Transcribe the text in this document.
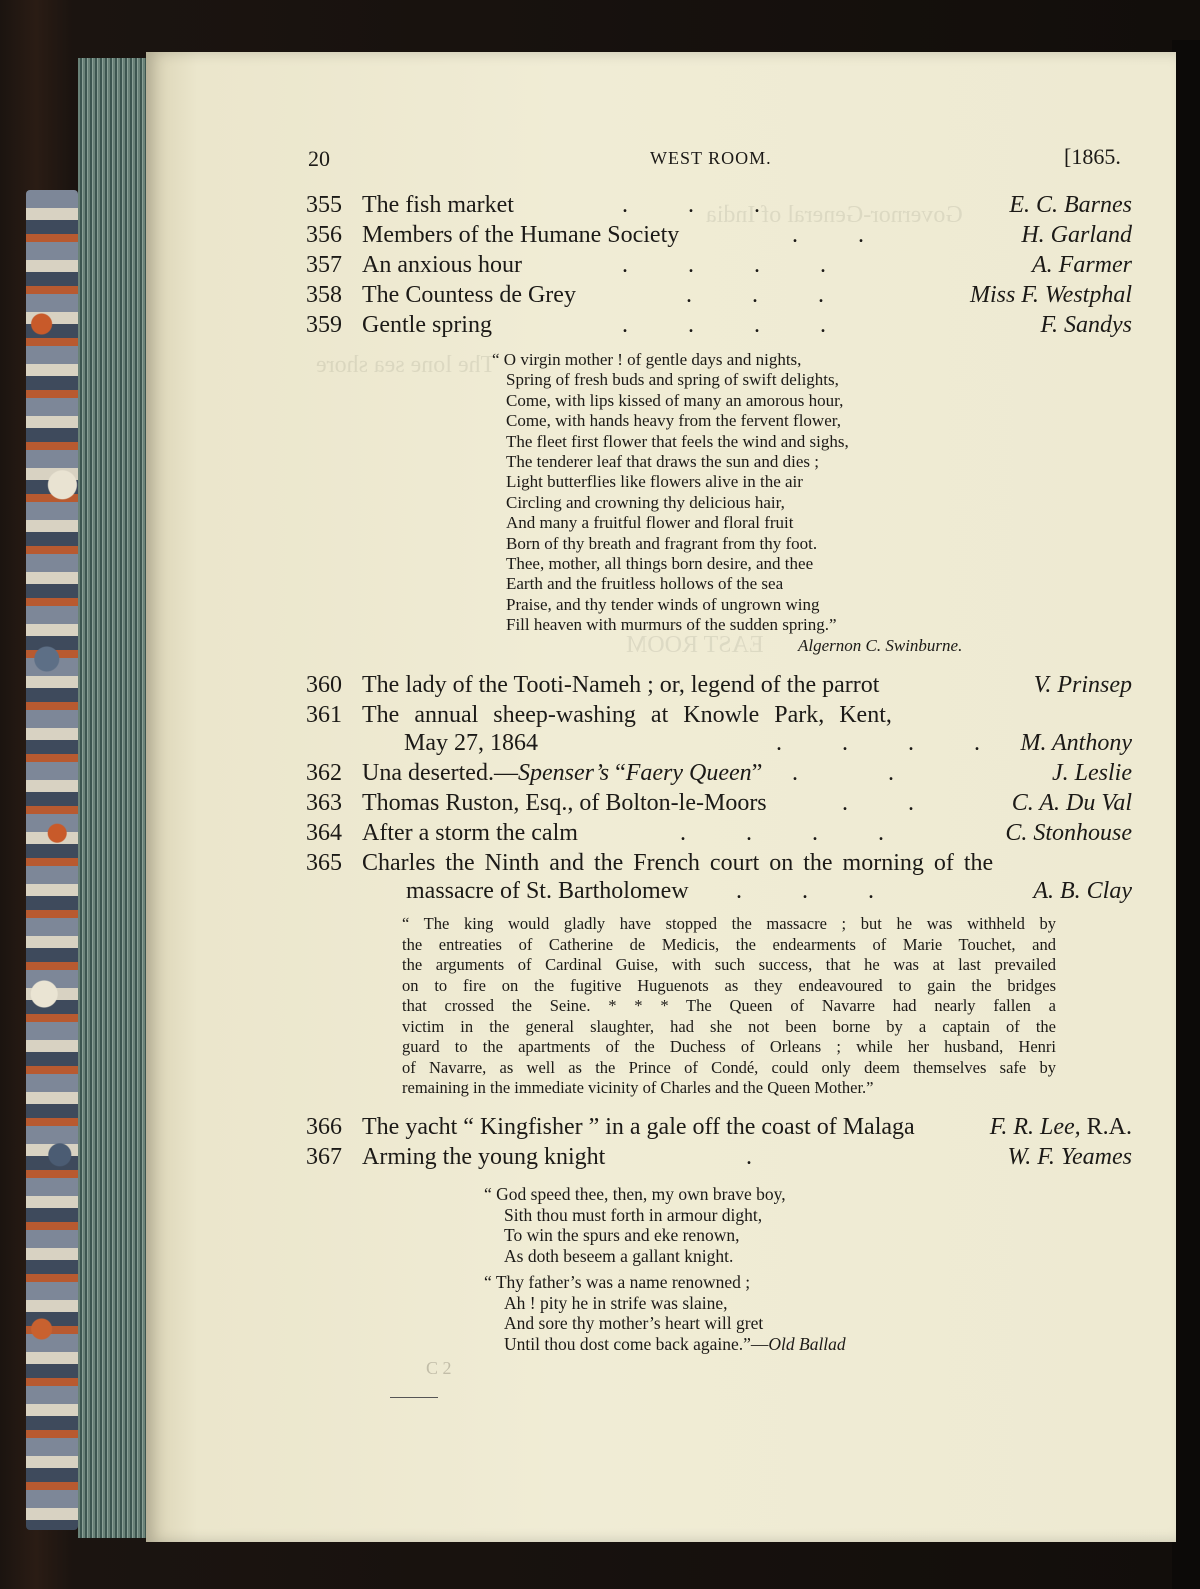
Governor-General of India
The lone sea shore
EAST ROOM
20	WEST ROOM.	[1865.
355 The fish market	.          .          .	E. C. Barnes
356 Members of the Humane Society	.          .	H. Garland
357 An anxious hour	.          .          .          .	A. Farmer
358 The Countess de Grey	.          .          .	Miss F. Westphal
359 Gentle spring	.          .          .          .	F. Sandys
“ O virgin mother ! of gentle days and nights,
Spring of fresh buds and spring of swift delights,
Come, with lips kissed of many an amorous hour,
Come, with hands heavy from the fervent flower,
The fleet first flower that feels the wind and sighs,
The tenderer leaf that draws the sun and dies ;
Light butterflies like flowers alive in the air
Circling and crowning thy delicious hair,
And many a fruitful flower and floral fruit
Born of thy breath and fragrant from thy foot.
Thee, mother, all things born desire, and thee
Earth and the fruitless hollows of the sea
Praise, and thy tender winds of ungrown wing
Fill heaven with murmurs of the sudden spring.”
Algernon C. Swinburne.
360 The lady of the Tooti-Nameh ; or, legend of the parrot	V. Prinsep
361 The annual sheep-washing at Knowle Park, Kent,
May 27, 1864	.          .          .          . M. Anthony
362 Una deserted.—Spenser’s “Faery Queen” .               .	J. Leslie
363 Thomas Ruston, Esq., of Bolton-le-Moors	.          .	C. A. Du Val
364 After a storm the calm	.          .          .          .	C. Stonhouse
365 Charles the Ninth and the French court on the morning of the
massacre of St. Bartholomew .          .          .	A. B. Clay
“ The king would gladly have stopped the massacre ; but he was withheld by
the entreaties of Catherine de Medicis, the endearments of Marie Touchet, and
the arguments of Cardinal Guise, with such success, that he was at last prevailed
on to fire on the fugitive Huguenots as they endeavoured to gain the bridges
that crossed the Seine. * * * The Queen of Navarre had nearly fallen a
victim in the general slaughter, had she not been borne by a captain of the
guard to the apartments of the Duchess of Orleans ; while her husband, Henri
of Navarre, as well as the Prince of Condé, could only deem themselves safe by
remaining in the immediate vicinity of Charles and the Queen Mother.”
366 The yacht “ Kingfisher ” in a gale off the coast of Malaga	F. R. Lee, R.A.
367 Arming the young knight	.	W. F. Yeames
“ God speed thee, then, my own brave boy,
Sith thou must forth in armour dight,
To win the spurs and eke renown,
As doth beseem a gallant knight.
“ Thy father’s was a name renowned ;
Ah ! pity he in strife was slaine,
And sore thy mother’s heart will gret
Until thou dost come back againe.”—Old Ballad
C 2
